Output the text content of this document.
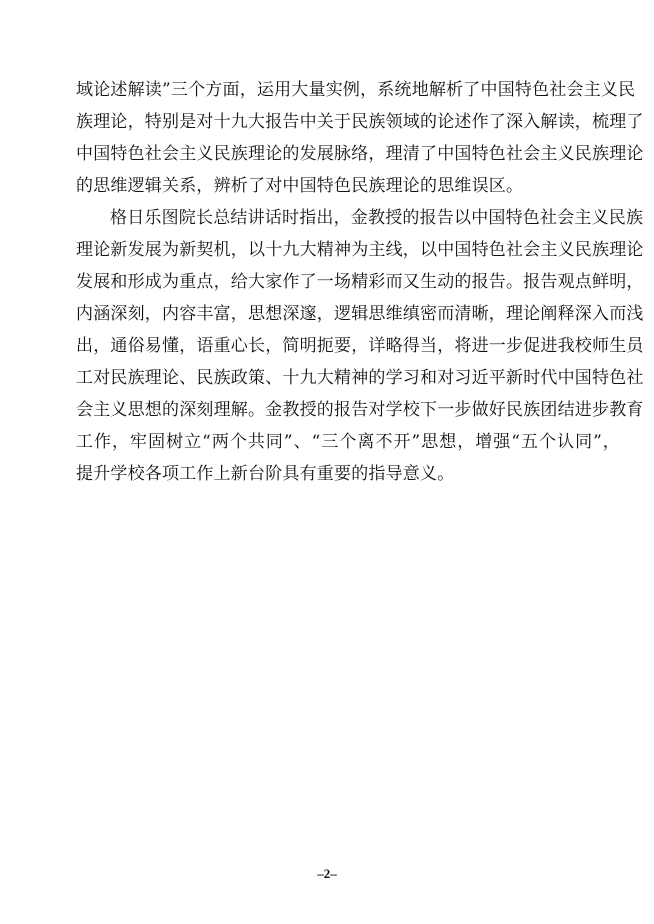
域论述解读”三个方面，运用大量实例，系统地解析了中国特色社会主义民
族理论，特别是对十九大报告中关于民族领域的论述作了深入解读，梳理了
中国特色社会主义民族理论的发展脉络，理清了中国特色社会主义民族理论
的思维逻辑关系，辨析了对中国特色民族理论的思维误区。
格日乐图院长总结讲话时指出，金教授的报告以中国特色社会主义民族
理论新发展为新契机，以十九大精神为主线，以中国特色社会主义民族理论
发展和形成为重点，给大家作了一场精彩而又生动的报告。报告观点鲜明，
内涵深刻，内容丰富，思想深邃，逻辑思维缜密而清晰，理论阐释深入而浅
出，通俗易懂，语重心长，简明扼要，详略得当，将进一步促进我校师生员
工对民族理论、民族政策、十九大精神的学习和对习近平新时代中国特色社
会主义思想的深刻理解。金教授的报告对学校下一步做好民族团结进步教育
工作，牢固树立“两个共同”、“三个离不开”思想，增强“五个认同”，
提升学校各项工作上新台阶具有重要的指导意义。
–2–
